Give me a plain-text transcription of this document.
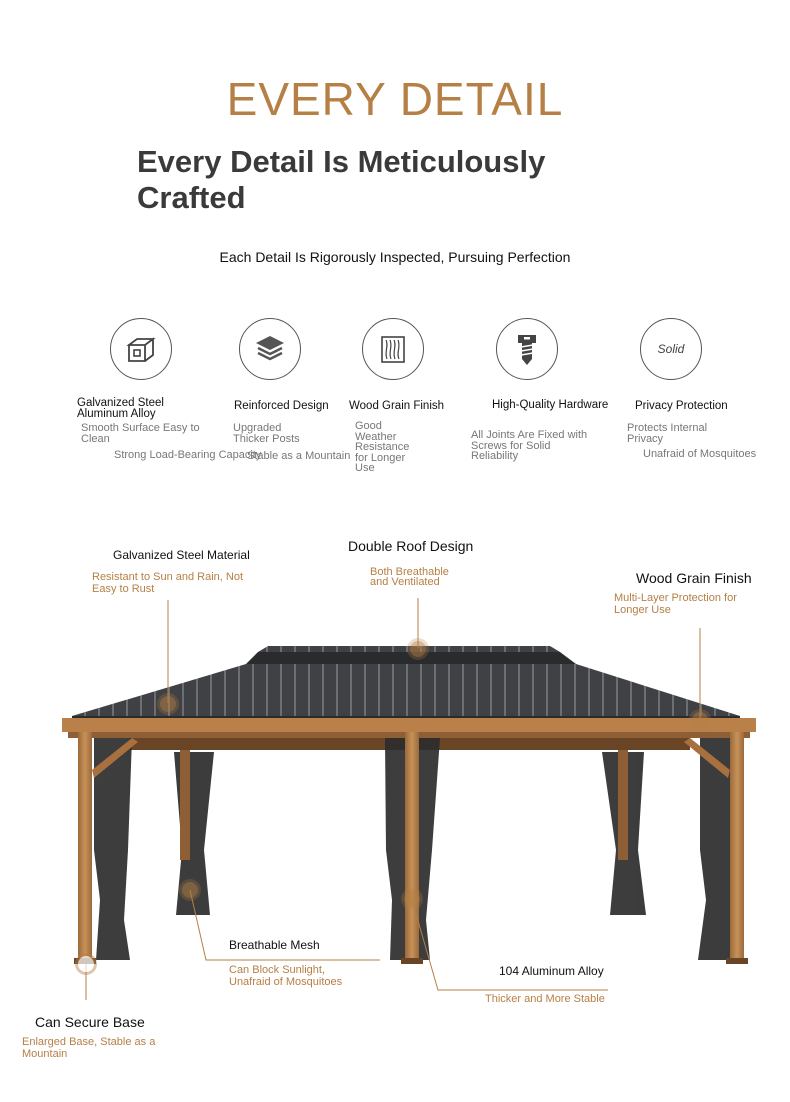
EVERY DETAIL
Every Detail Is Meticulously Crafted
Each Detail Is Rigorously Inspected, Pursuing Perfection
Galvanized Steel Aluminum Alloy
Smooth Surface Easy to Clean
Strong Load-Bearing Capacity
Reinforced Design
Upgraded Thicker Posts
Stable as a Mountain
Wood Grain Finish
Good Weather Resistance for Longer Use
High-Quality Hardware
All Joints Are Fixed with Screws for Solid Reliability
Solid
Privacy Protection
Protects Internal Privacy
Unafraid of Mosquitoes
Galvanized Steel Material
Resistant to Sun and Rain, Not Easy to Rust
Double Roof Design
Both Breathable and Ventilated	Wood Grain Finish
Multi-Layer Protection for Longer Use
Breathable Mesh
Can Block Sunlight, Unafraid of Mosquitoes
104 Aluminum Alloy
Thicker and More Stable
Can Secure Base
Enlarged Base, Stable as a Mountain
